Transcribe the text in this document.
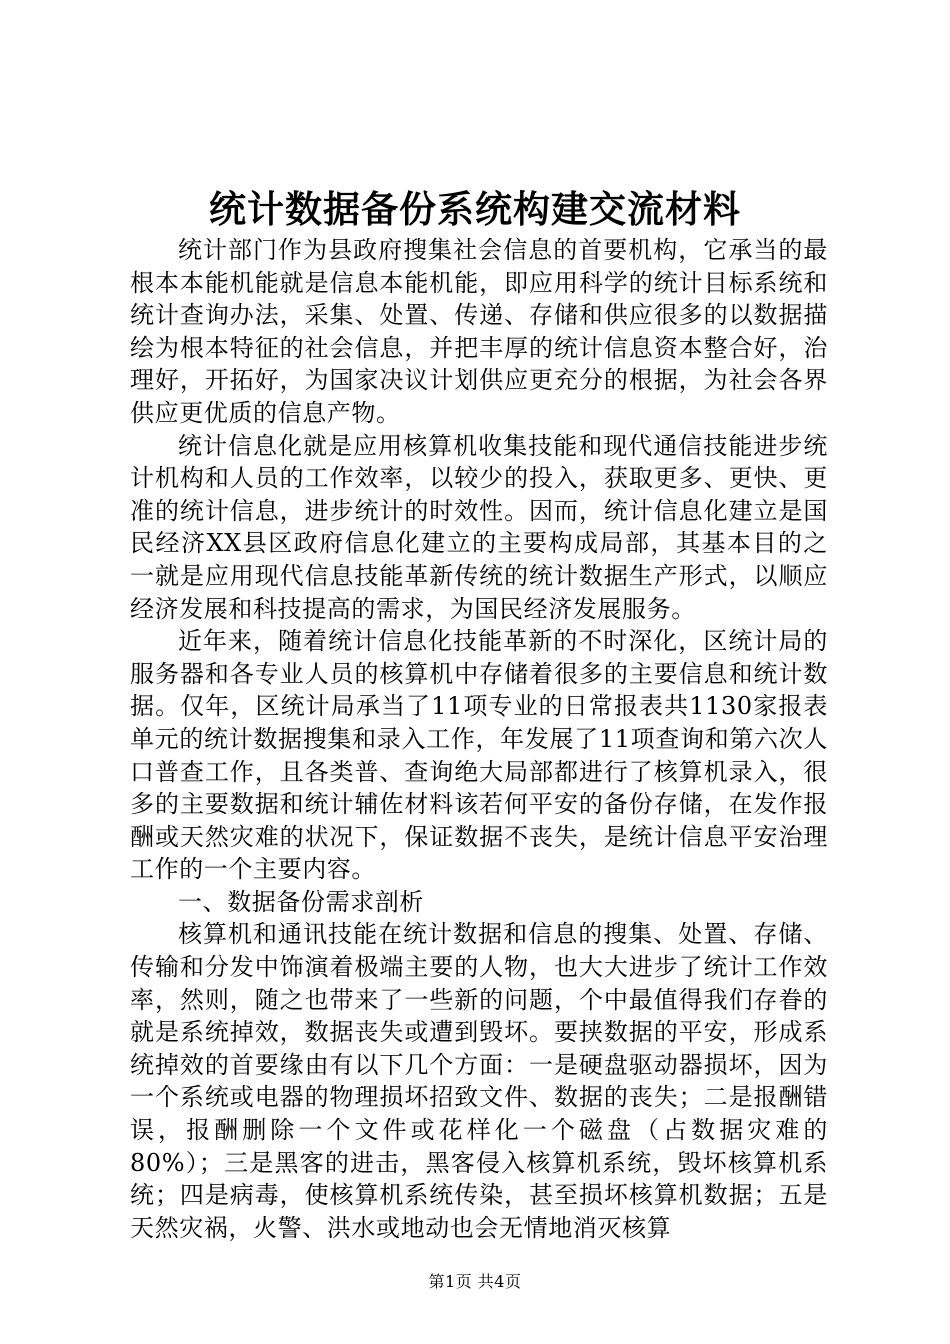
统计数据备份系统构建交流材料

统计部门作为县政府搜集社会信息的首要机构，它承当的最根本本能机能就是信息本能机能，即应用科学的统计目标系统和统计查询办法，采集、处置、传递、存储和供应很多的以数据描绘为根本特征的社会信息，并把丰厚的统计信息资本整合好，治理好，开拓好，为国家决议计划供应更充分的根据，为社会各界供应更优质的信息产物。

统计信息化就是应用核算机收集技能和现代通信技能进步统计机构和人员的工作效率，以较少的投入，获取更多、更快、更准的统计信息，进步统计的时效性。因而，统计信息化建立是国民经济XX县区政府信息化建立的主要构成局部，其基本目的之一就是应用现代信息技能革新传统的统计数据生产形式，以顺应经济发展和科技提高的需求，为国民经济发展服务。

近年来，随着统计信息化技能革新的不时深化，区统计局的服务器和各专业人员的核算机中存储着很多的主要信息和统计数据。仅年，区统计局承当了11项专业的日常报表共1130家报表单元的统计数据搜集和录入工作，年发展了11项查询和第六次人口普查工作，且各类普、查询绝大局部都进行了核算机录入，很多的主要数据和统计辅佐材料该若何平安的备份存储，在发作报酬或天然灾难的状况下，保证数据不丧失，是统计信息平安治理工作的一个主要内容。

一、数据备份需求剖析

核算机和通讯技能在统计数据和信息的搜集、处置、存储、传输和分发中饰演着极端主要的人物，也大大进步了统计工作效率，然则，随之也带来了一些新的问题，个中最值得我们存眷的就是系统掉效，数据丧失或遭到毁坏。要挟数据的平安，形成系统掉效的首要缘由有以下几个方面：一是硬盘驱动器损坏，因为一个系统或电器的物理损坏招致文件、数据的丧失；二是报酬错误，报酬删除一个文件或花样化一个磁盘（占数据灾难的80%）；三是黑客的进击，黑客侵入核算机系统，毁坏核算机系统；四是病毒，使核算机系统传染，甚至损坏核算机数据；五是天然灾祸，火警、洪水或地动也会无情地消灭核算

第1页 共4页
